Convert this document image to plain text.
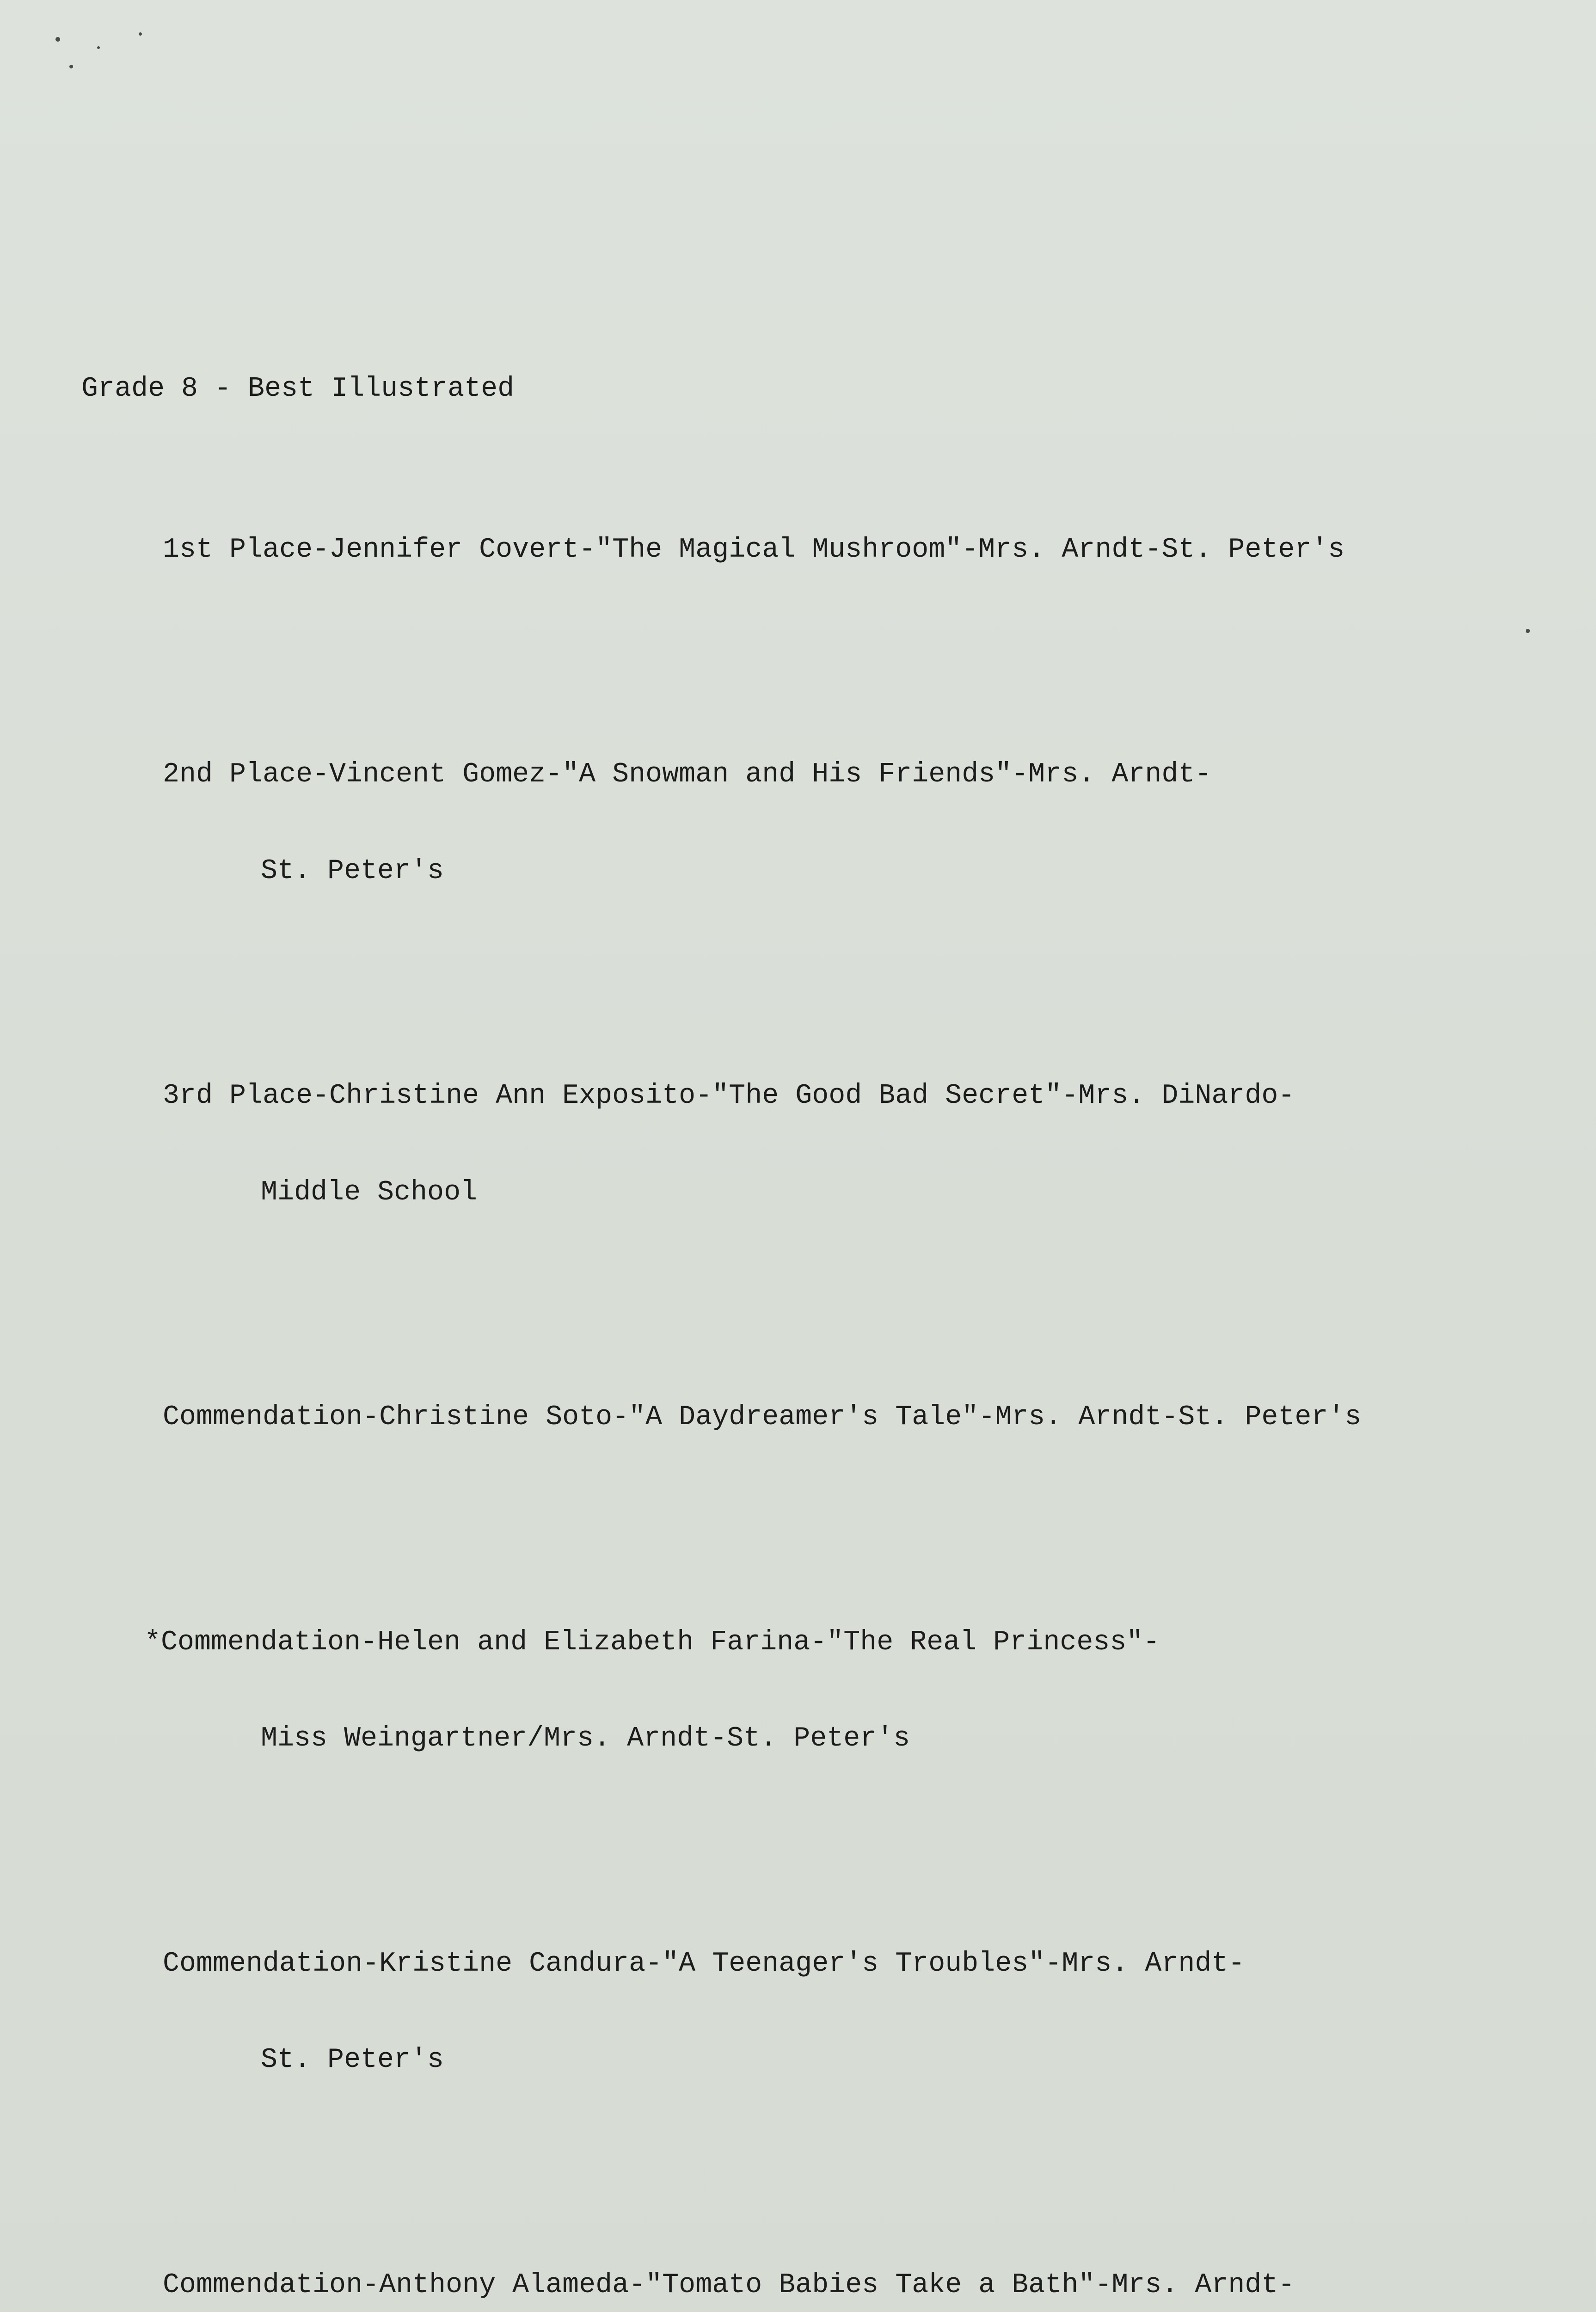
Grade 8 - Best Illustrated

1st Place-Jennifer Covert-"The Magical Mushroom"-Mrs. Arndt-St. Peter's

2nd Place-Vincent Gomez-"A Snowman and His Friends"-Mrs. Arndt-

St. Peter's

3rd Place-Christine Ann Exposito-"The Good Bad Secret"-Mrs. DiNardo-

Middle School

Commendation-Christine Soto-"A Daydreamer's Tale"-Mrs. Arndt-St. Peter's

*Commendation-Helen and Elizabeth Farina-"The Real Princess"-

Miss Weingartner/Mrs. Arndt-St. Peter's

Commendation-Kristine Candura-"A Teenager's Troubles"-Mrs. Arndt-

St. Peter's

Commendation-Anthony Alameda-"Tomato Babies Take a Bath"-Mrs. Arndt-
